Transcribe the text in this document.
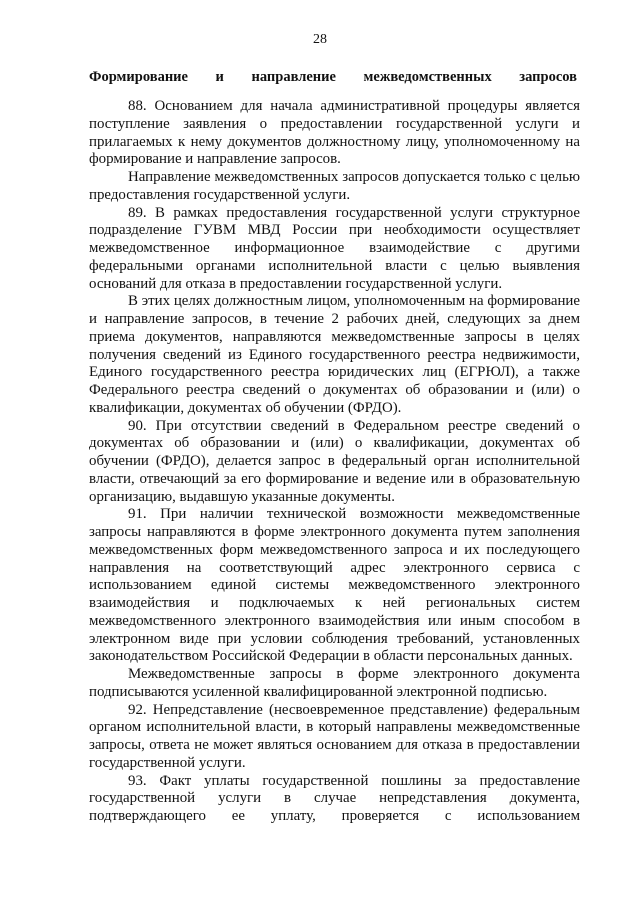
28
Формирование и направление межведомственных запросов

88. Основанием для начала административной процедуры является поступление заявления о предоставлении государственной услуги и прилагаемых к нему документов должностному лицу, уполномоченному на формирование и направление запросов.

Направление межведомственных запросов допускается только с целью предоставления государственной услуги.

89. В рамках предоставления государственной услуги структурное подразделение ГУВМ МВД России при необходимости осуществляет межведомственное информационное взаимодействие с другими федеральными органами исполнительной власти с целью выявления оснований для отказа в предоставлении государственной услуги.

В этих целях должностным лицом, уполномоченным на формирование и направление запросов, в течение 2 рабочих дней, следующих за днем приема документов, направляются межведомственные запросы в целях получения сведений из Единого государственного реестра недвижимости, Единого государственного реестра юридических лиц (ЕГРЮЛ), а также Федерального реестра сведений о документах об образовании и (или) о квалификации, документах об обучении (ФРДО).

90. При отсутствии сведений в Федеральном реестре сведений о документах об образовании и (или) о квалификации, документах об обучении (ФРДО), делается запрос в федеральный орган исполнительной власти, отвечающий за его формирование и ведение или в образовательную организацию, выдавшую указанные документы.

91. При наличии технической возможности межведомственные запросы направляются в форме электронного документа путем заполнения межведомственных форм межведомственного запроса и их последующего направления на соответствующий адрес электронного сервиса с использованием единой системы межведомственного электронного взаимодействия и подключаемых к ней региональных систем межведомственного электронного взаимодействия или иным способом в электронном виде при условии соблюдения требований, установленных законодательством Российской Федерации в области персональных данных.

Межведомственные запросы в форме электронного документа подписываются усиленной квалифицированной электронной подписью.

92. Непредставление (несвоевременное представление) федеральным органом исполнительной власти, в который направлены межведомственные запросы, ответа не может являться основанием для отказа в предоставлении государственной услуги.

93. Факт уплаты государственной пошлины за предоставление государственной услуги в случае непредставления документа, подтверждающего ее уплату, проверяется с использованием
